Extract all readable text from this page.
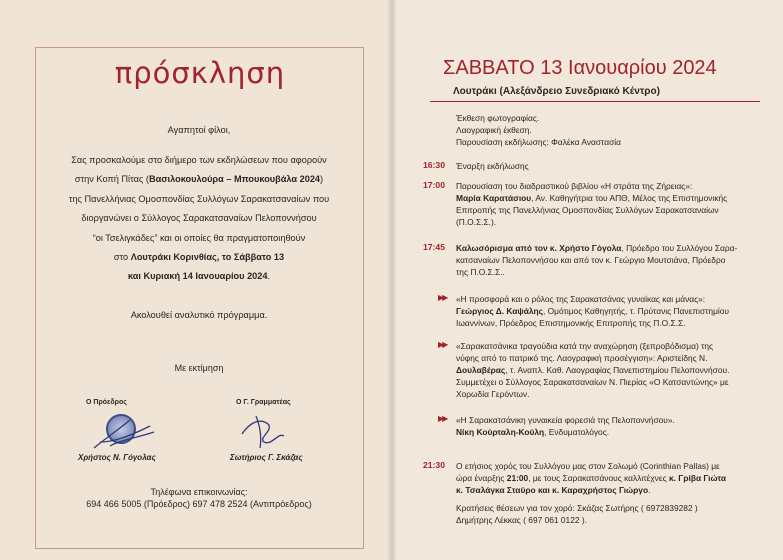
πρόσκληση
Αγαπητοί φίλοι,
Σας προσκαλούμε στο διήμερο των εκδηλώσεων που αφορούν
στην Κοπή Πίτας (Βασιλοκουλούρα – Μπουκουβάλα 2024)
της Πανελλήνιας Ομοσπονδίας Συλλόγων Σαρακατσαναίων που
διοργανώνει ο Σύλλογος Σαρακατσαναίων Πελοποννήσου
“οι Τσελιγκάδες” και οι οποίες θα πραγματοποιηθούν
στο Λουτράκι Κορινθίας, το Σάββατο 13
και Κυριακή 14 Ιανουαρίου 2024.
Ακολουθεί αναλυτικό πρόγραμμα.
Με εκτίμηση
Ο Πρόεδρος	Ο Γ. Γραμματέας
Χρήστος Ν. Γόγολας	Σωτήριος Γ. Σκάζας
Τηλέφωνα επικοινωνίας:
694 466 5005 (Πρόεδρος) 697 478 2524 (Αντιπρόεδρος)
ΣΑΒΒΑΤΟ 13 Ιανουαρίου 2024
Λουτράκι (Αλεξάνδρειο Συνεδριακό Κέντρο)
Έκθεση φωτογραφίας.
Λαογραφική έκθεση.
Παρουσίαση εκδήλωσης: Φαλέκα Αναστασία
16:30 Έναρξη εκδήλωσης
17:00 Παρουσίαση του διαδραστικού βιβλίου «Η στράτα της Ζήρειας»:
Μαρία Καρατάσιου, Αν. Καθηγήτρια του ΑΠΘ, Μέλος της Επιστημονικής
Επιτροπής της Πανελλήνιας Ομοσπονδίας Συλλόγων Σαρακατσαναίων
(Π.Ο.Σ.Σ.).
17:45 Καλωσόρισμα από τον κ. Χρήστο Γόγολα, Πρόεδρο του Συλλόγου Σαρα-
κατσαναίων Πελοποννήσου και από τον κ. Γεώργιο Μουτσιάνα, Πρόεδρο
της Π.Ο.Σ.Σ..
▶▶ «Η προσφορά και ο ρόλος της Σαρακατσάνας γυναίκας και μάνας»:
Γεώργιος Δ. Καψάλης, Ομότιμος Καθηγητής, τ. Πρύτανις Πανεπιστημίου
Ιωαννίνων, Πρόεδρος Επιστημονικής Επιτροπής της Π.Ο.Σ.Σ.
▶▶ «Σαρακατσάνικα τραγούδια κατά την αναχώρηση (ξεπροβόδισμα) της
νύφης από το πατρικό της. Λαογραφική προσέγγιση»: Αριστείδης Ν.
Δουλαβέρας, τ. Αναπλ. Καθ. Λαογραφίας Πανεπιστημίου Πελοποννήσου.
Συμμετέχει ο Σύλλογος Σαρακατσαναίων Ν. Πιερίας «Ο Κατσαντώνης» με
Χορωδία Γερόντων.
▶▶ «Η Σαρακατσάνικη γυναικεία φορεσιά της Πελοποννήσου».
Νίκη Κούρταλη-Κούλη, Ενδυματολόγος.
21:30 Ο ετήσιος χορός του Συλλόγου μας στον Σολωμό (Corinthian Pallas) με
ώρα έναρξης 21:00, με τους Σαρακατσάνους καλλιτέχνες κ. Γρίβα Γιώτα
κ. Τσαλάγκα Σταύρο και κ. Καραχρήστος Γιώργο.
Κρατήσεις θέσεων για τον χορό: Σκάζας Σωτήρης ( 6972839282 )
Δημήτρης Λέκκας ( 697 061 0122 ).
